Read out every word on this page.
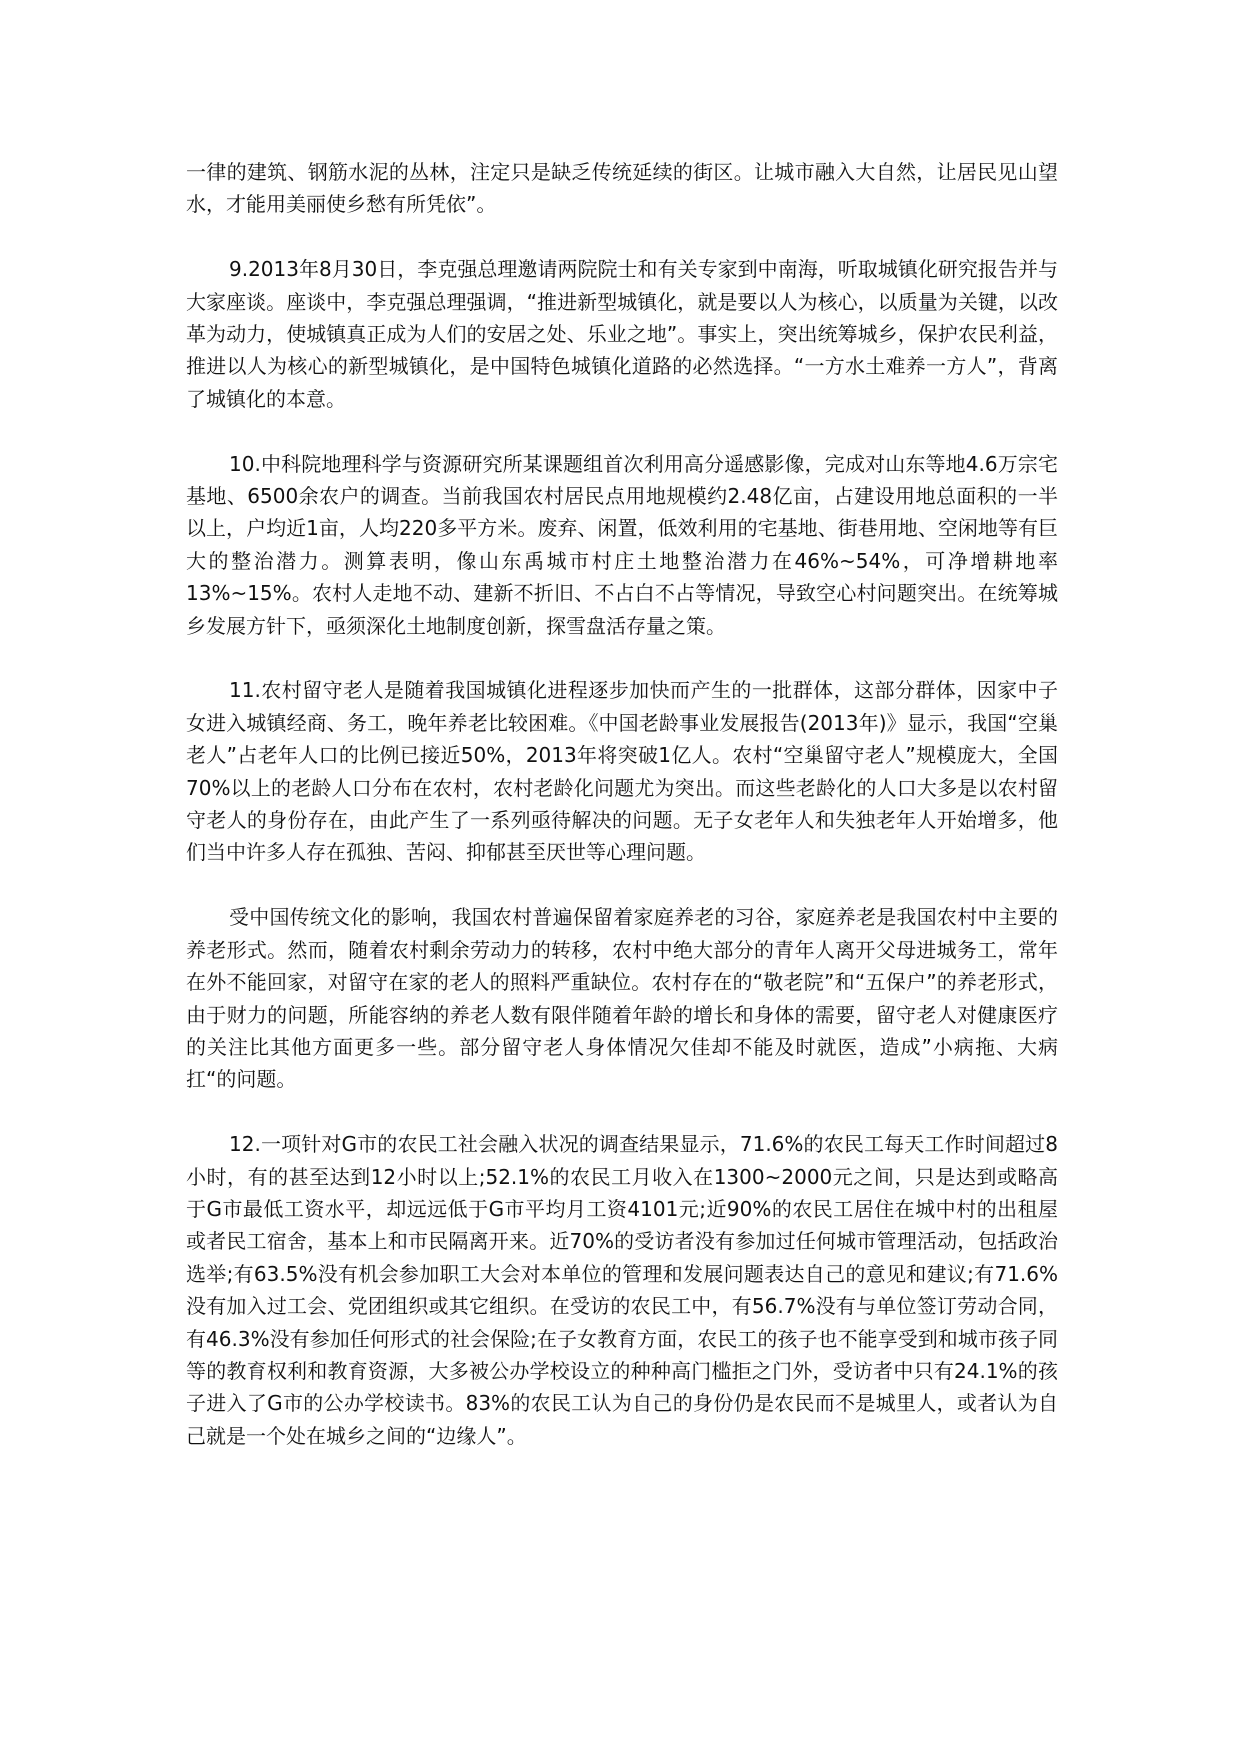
一律的建筑、钢筋水泥的丛林，注定只是缺乏传统延续的街区。让城市融入大自然，让居民见山望水，才能用美丽使乡愁有所凭依”。

9.2013年8月30日，李克强总理邀请两院院士和有关专家到中南海，听取城镇化研究报告并与大家座谈。座谈中，李克强总理强调，“推进新型城镇化，就是要以人为核心，以质量为关键，以改革为动力，使城镇真正成为人们的安居之处、乐业之地”。事实上，突出统筹城乡，保护农民利益，推进以人为核心的新型城镇化，是中国特色城镇化道路的必然选择。“一方水土难养一方人”，背离了城镇化的本意。

10.中科院地理科学与资源研究所某课题组首次利用高分遥感影像，完成对山东等地4.6万宗宅基地、6500余农户的调查。当前我国农村居民点用地规模约2.48亿亩，占建设用地总面积的一半以上，户均近1亩，人均220多平方米。废弃、闲置，低效利用的宅基地、街巷用地、空闲地等有巨大的整治潜力。测算表明，像山东禹城市村庄土地整治潜力在46%~54%，可净增耕地率13%~15%。农村人走地不动、建新不折旧、不占白不占等情况，导致空心村问题突出。在统筹城乡发展方针下，亟须深化土地制度创新，探雪盘活存量之策。

11.农村留守老人是随着我国城镇化进程逐步加快而产生的一批群体，这部分群体，因家中子女进入城镇经商、务工，晚年养老比较困难。《中国老龄事业发展报告(2013年)》显示，我国“空巢老人”占老年人口的比例已接近50%，2013年将突破1亿人。农村“空巢留守老人”规模庞大，全国70%以上的老龄人口分布在农村，农村老龄化问题尤为突出。而这些老龄化的人口大多是以农村留守老人的身份存在，由此产生了一系列亟待解决的问题。无子女老年人和失独老年人开始增多，他们当中许多人存在孤独、苦闷、抑郁甚至厌世等心理问题。

受中国传统文化的影响，我国农村普遍保留着家庭养老的习谷，家庭养老是我国农村中主要的养老形式。然而，随着农村剩余劳动力的转移，农村中绝大部分的青年人离开父母进城务工，常年在外不能回家，对留守在家的老人的照料严重缺位。农村存在的“敬老院”和“五保户”的养老形式，由于财力的问题，所能容纳的养老人数有限伴随着年龄的增长和身体的需要，留守老人对健康医疗的关注比其他方面更多一些。部分留守老人身体情况欠佳却不能及时就医，造成”小病拖、大病扛“的问题。

12.一项针对G市的农民工社会融入状况的调查结果显示，71.6%的农民工每天工作时间超过8小时，有的甚至达到12小时以上;52.1%的农民工月收入在1300~2000元之间，只是达到或略高于G市最低工资水平，却远远低于G市平均月工资4101元;近90%的农民工居住在城中村的出租屋或者民工宿舍，基本上和市民隔离开来。近70%的受访者没有参加过任何城市管理活动，包括政治选举;有63.5%没有机会参加职工大会对本单位的管理和发展问题表达自己的意见和建议;有71.6%没有加入过工会、党团组织或其它组织。在受访的农民工中，有56.7%没有与单位签订劳动合同，有46.3%没有参加任何形式的社会保险;在子女教育方面，农民工的孩子也不能享受到和城市孩子同等的教育权利和教育资源，大多被公办学校设立的种种高门槛拒之门外，受访者中只有24.1%的孩子进入了G市的公办学校读书。83%的农民工认为自己的身份仍是农民而不是城里人，或者认为自己就是一个处在城乡之间的“边缘人”。
